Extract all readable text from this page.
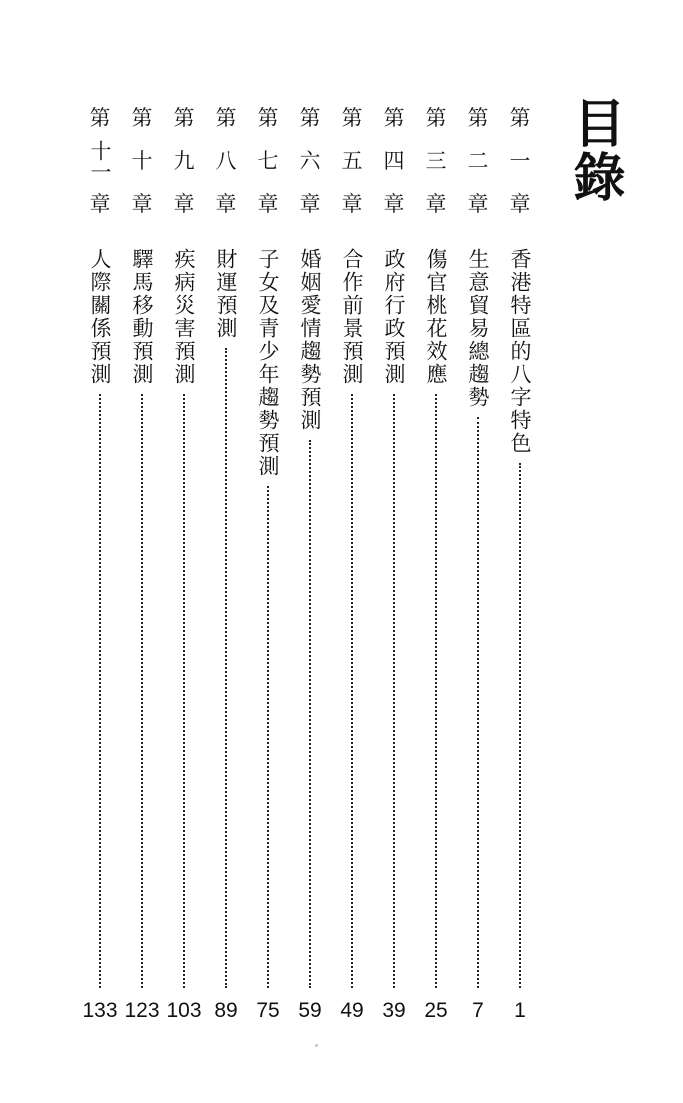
目錄
第
一
章
香港特區的八字特色
1
第
二
章
生意貿易總趨勢
7
第
三
章
傷官桃花效應
25
第
四
章
政府行政預測
39
第
五
章
合作前景預測
49
第
六
章
婚姻愛情趨勢預測
59
第
七
章
子女及青少年趨勢預測
75
第
八
章
財運預測
89
第
九
章
疾病災害預測
103
第
十
章
驛馬移動預測
123
第
十一
章
人際關係預測
133
